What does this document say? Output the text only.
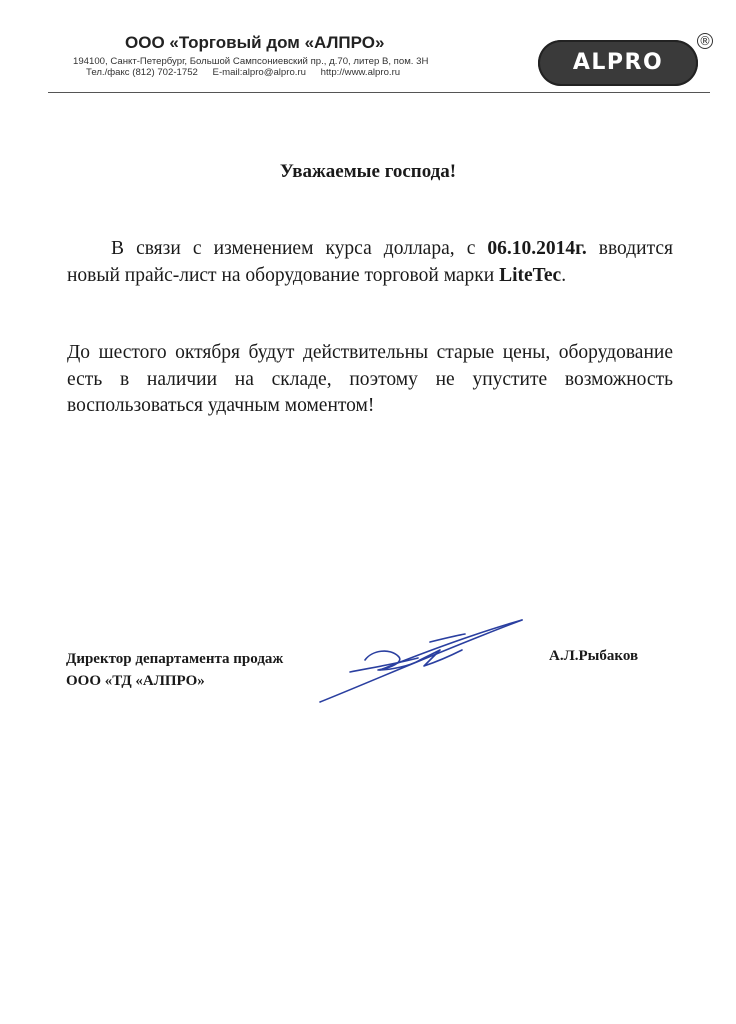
ООО «Торговый дом «АЛПРО»
194100, Санкт-Петербург, Большой Сампсониевский пр., д.70, литер В, пом. 3Н
Тел./факс (812) 702-1752 E-mail:alpro@alpro.ru http://www.alpro.ru	ALPRO
®
Уважаемые господа!
В связи с изменением курса доллара, с 06.10.2014г. вводится новый прайс-лист на оборудование торговой марки LiteTec.
До шестого октября будут действительны старые цены, оборудование есть в наличии на складе, поэтому не упустите возможность воспользоваться удачным моментом!
Директор департамента продаж
ООО «ТД «АЛПРО»
А.Л.Рыбаков
